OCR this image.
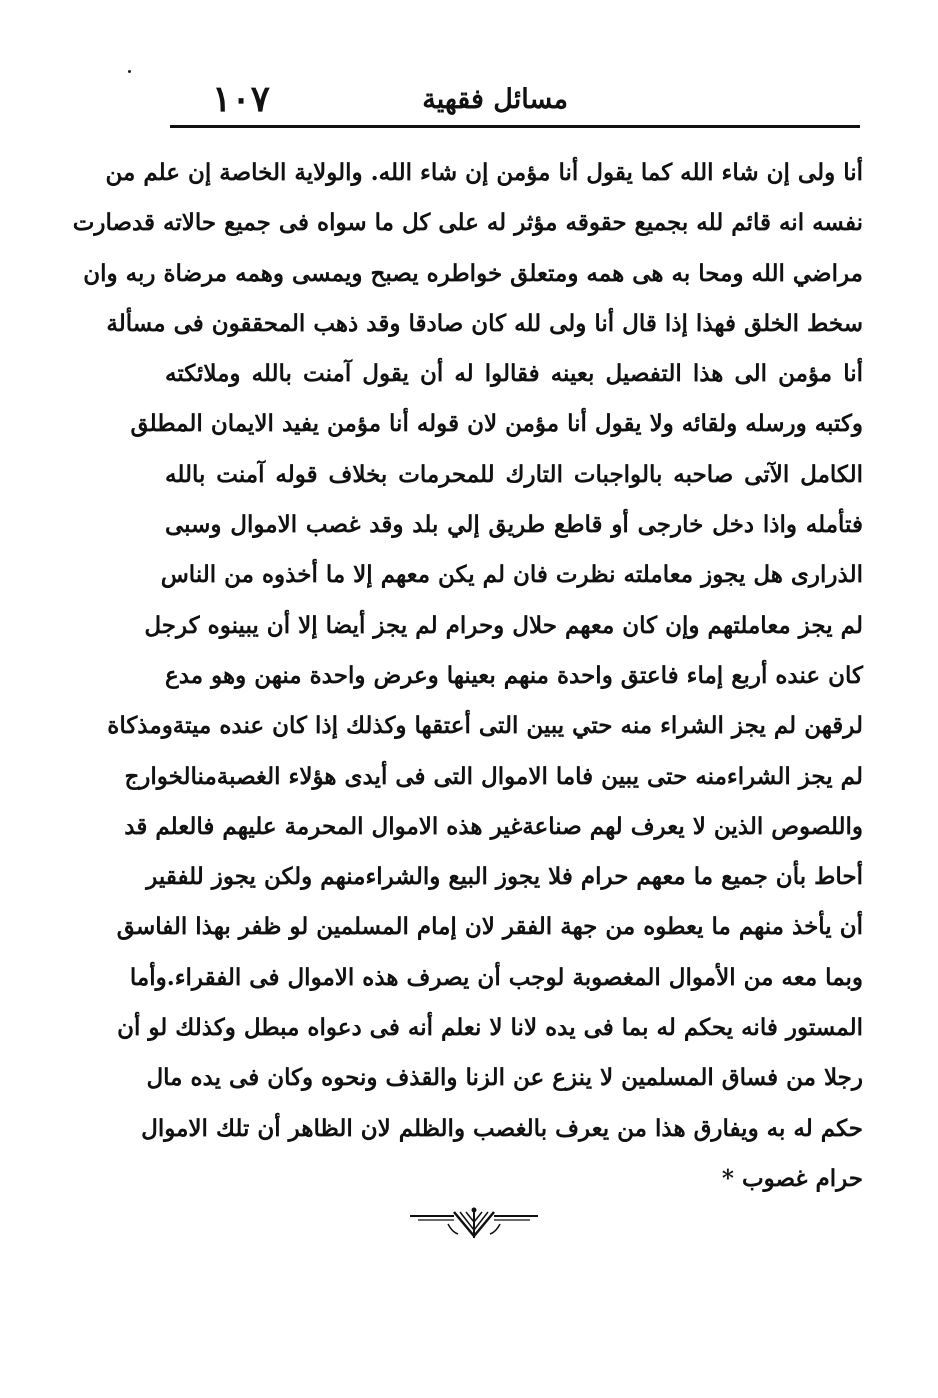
مسائل فقهية
١٠٧
أنا ولى إن شاء الله كما يقول أنا مؤمن إن شاء الله. والولاية الخاصة إن علم من
نفسه انه قائم لله بجميع حقوقه مؤثر له على كل ما سواه فى جميع حالاته قدصارت
مراضي الله ومحا به هى همه ومتعلق خواطره يصبح ويمسى وهمه مرضاة ربه وان
سخط الخلق فهذا إذا قال أنا ولى لله كان صادقا وقد ذهب المحققون فى مسألة
أنا مؤمن الى هذا التفصيل بعينه فقالوا له أن يقول آمنت بالله وملائكته
وكتبه ورسله ولقائه ولا يقول أنا مؤمن لان قوله أنا مؤمن يفيد الايمان المطلق
الكامل الآتى صاحبه بالواجبات التارك للمحرمات بخلاف قوله آمنت بالله
فتأمله واذا دخل خارجى أو قاطع طريق إلي بلد وقد غصب الاموال وسبى
الذرارى هل يجوز معاملته نظرت فان لم يكن معهم إلا ما أخذوه من الناس
لم يجز معاملتهم وإن كان معهم حلال وحرام لم يجز أيضا إلا أن يبينوه كرجل
كان عنده أربع إماء فاعتق واحدة منهم بعينها وعرض واحدة منهن وهو مدع
لرقهن لم يجز الشراء منه حتي يبين التى أعتقها وكذلك إذا كان عنده ميتةومذكاة
لم يجز الشراءمنه حتى يبين فاما الاموال التى فى أيدى هؤلاء الغصبةمنالخوارج
واللصوص الذين لا يعرف لهم صناعةغير هذه الاموال المحرمة عليهم فالعلم قد
أحاط بأن جميع ما معهم حرام فلا يجوز البيع والشراءمنهم ولكن يجوز للفقير
أن يأخذ منهم ما يعطوه من جهة الفقر لان إمام المسلمين لو ظفر بهذا الفاسق
وبما معه من الأموال المغصوبة لوجب أن يصرف هذه الاموال فى الفقراء.وأما
المستور فانه يحكم له بما فى يده لانا لا نعلم أنه فى دعواه مبطل وكذلك لو أن
رجلا من فساق المسلمين لا ينزع عن الزنا والقذف ونحوه وكان فى يده مال
حكم له به ويفارق هذا من يعرف بالغصب والظلم لان الظاهر أن تلك الاموال
حرام غصوب *
